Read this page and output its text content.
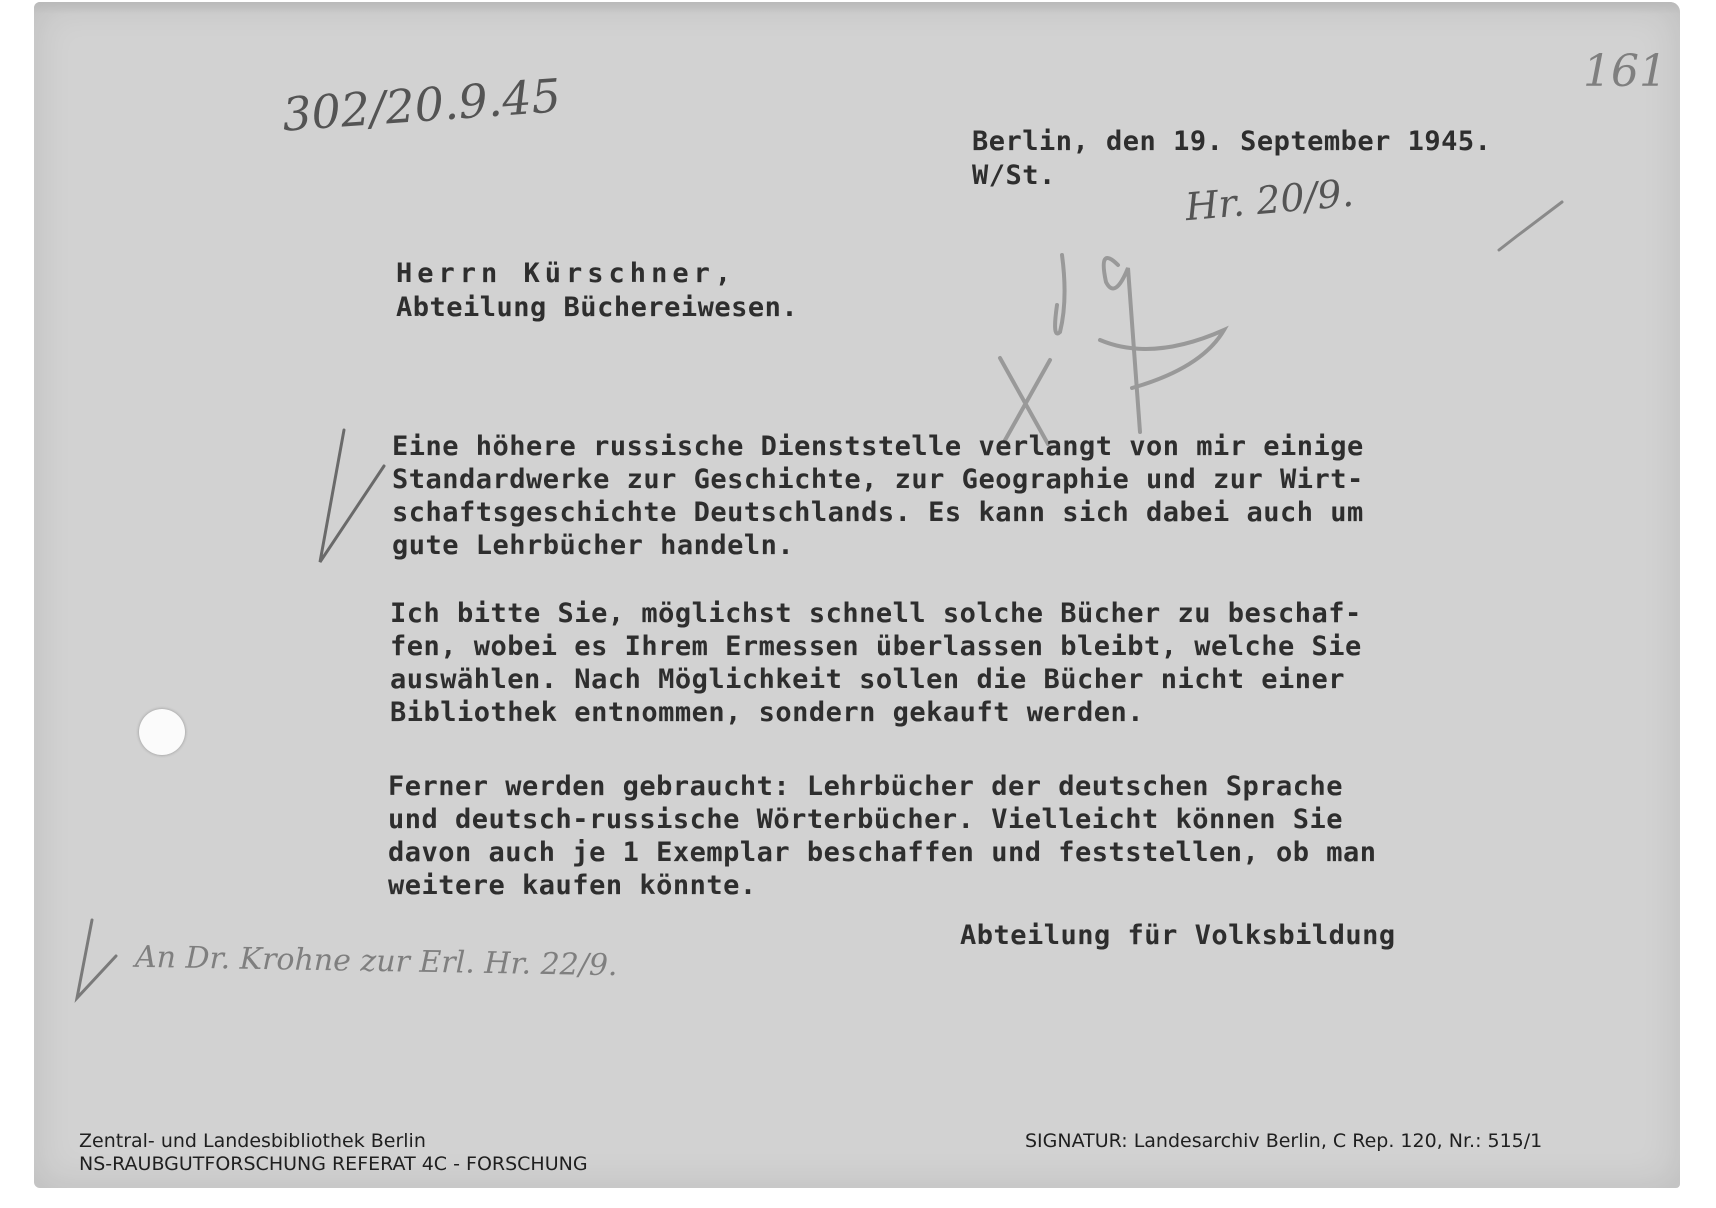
302/20.9.45	161
Hr. 20/9.
An Dr. Krohne zur Erl. Hr. 22/9.
Berlin, den 19. September 1945.
W/St.
Herrn Kürschner,
Abteilung Büchereiwesen.
Eine höhere russische Dienststelle verlangt von mir einige
Standardwerke zur Geschichte, zur Geographie und zur Wirt-
schaftsgeschichte Deutschlands. Es kann sich dabei auch um
gute Lehrbücher handeln.
Ich bitte Sie, möglichst schnell solche Bücher zu beschaf-
fen, wobei es Ihrem Ermessen überlassen bleibt, welche Sie
auswählen. Nach Möglichkeit sollen die Bücher nicht einer
Bibliothek entnommen, sondern gekauft werden.
Ferner werden gebraucht: Lehrbücher der deutschen Sprache
und deutsch-russische Wörterbücher. Vielleicht können Sie
davon auch je 1 Exemplar beschaffen und feststellen, ob man
weitere kaufen könnte.
Abteilung für Volksbildung
Zentral- und Landesbibliothek Berlin
NS-RAUBGUTFORSCHUNG REFERAT 4C - FORSCHUNG
SIGNATUR: Landesarchiv Berlin, C Rep. 120, Nr.: 515/1
